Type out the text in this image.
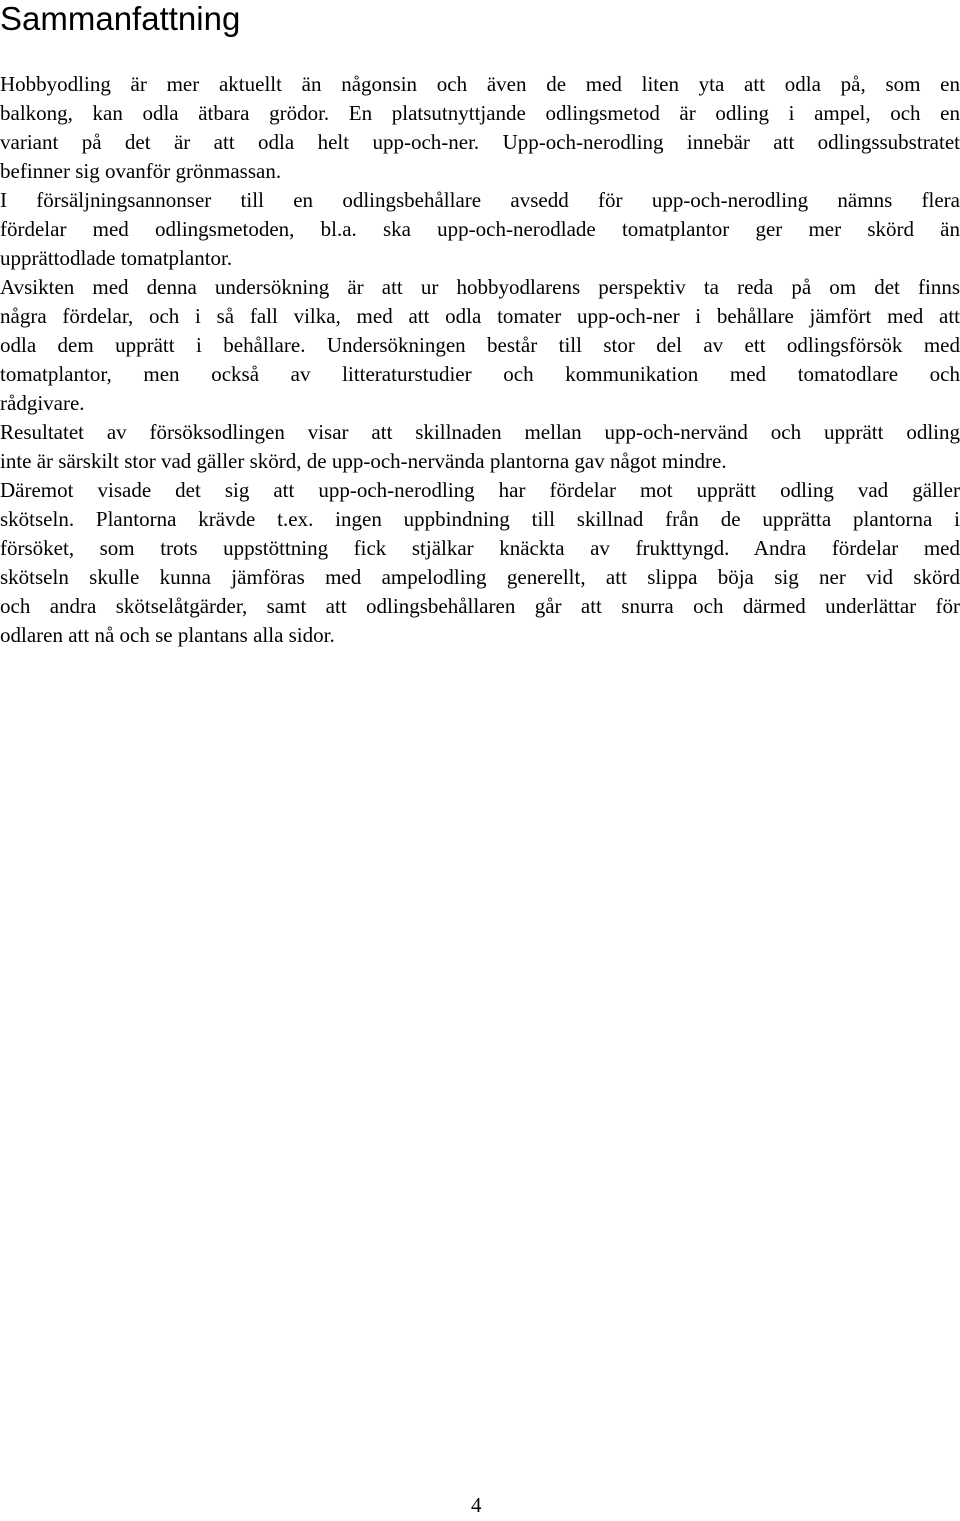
Sammanfattning
Hobbyodling är mer aktuellt än någonsin och även de med liten yta att odla på, som en
balkong, kan odla ätbara grödor. En platsutnyttjande odlingsmetod är odling i ampel, och en
variant på det är att odla helt upp-och-ner. Upp-och-nerodling innebär att odlingssubstratet
befinner sig ovanför grönmassan.
I försäljningsannonser till en odlingsbehållare avsedd för upp-och-nerodling nämns flera
fördelar med odlingsmetoden, bl.a. ska upp-och-nerodlade tomatplantor ger mer skörd än
upprättodlade tomatplantor.
Avsikten med denna undersökning är att ur hobbyodlarens perspektiv ta reda på om det finns
några fördelar, och i så fall vilka, med att odla tomater upp-och-ner i behållare jämfört med att
odla dem upprätt i behållare. Undersökningen består till stor del av ett odlingsförsök med
tomatplantor, men också av litteraturstudier och kommunikation med tomatodlare och
rådgivare.
Resultatet av försöksodlingen visar att skillnaden mellan upp-och-nervänd och upprätt odling
inte är särskilt stor vad gäller skörd, de upp-och-nervända plantorna gav något mindre.
Däremot visade det sig att upp-och-nerodling har fördelar mot upprätt odling vad gäller
skötseln. Plantorna krävde t.ex. ingen uppbindning till skillnad från de upprätta plantorna i
försöket, som trots uppstöttning fick stjälkar knäckta av frukttyngd. Andra fördelar med
skötseln skulle kunna jämföras med ampelodling generellt, att slippa böja sig ner vid skörd
och andra skötselåtgärder, samt att odlingsbehållaren går att snurra och därmed underlättar för
odlaren att nå och se plantans alla sidor.
4
